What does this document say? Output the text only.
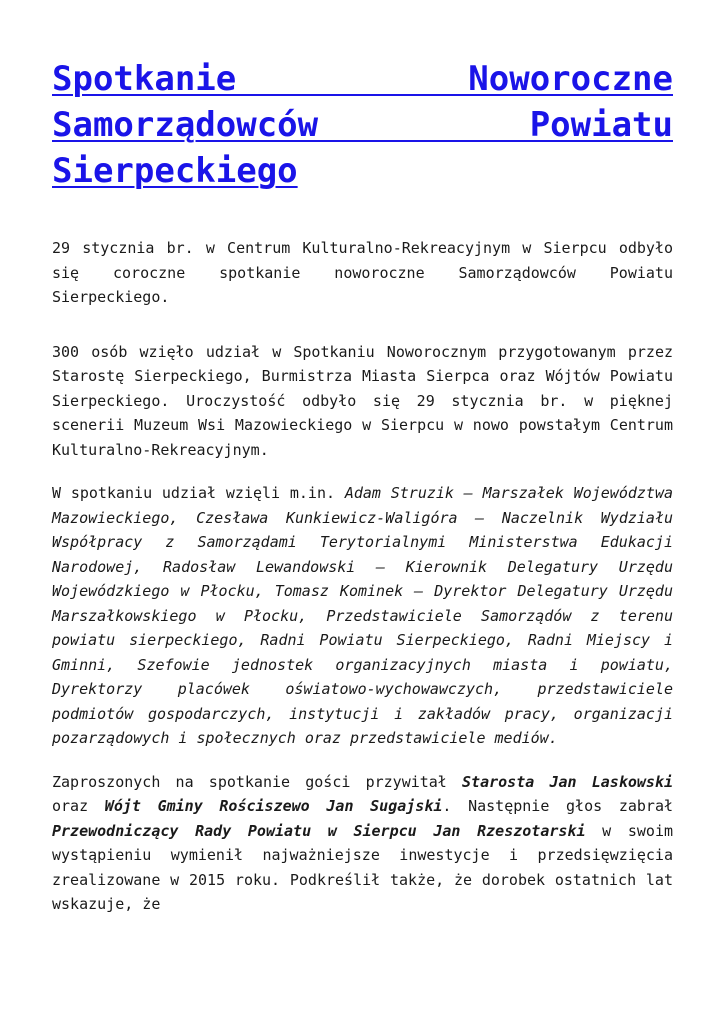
Spotkanie Noworoczne Samorządowców Powiatu Sierpeckiego

29 stycznia br. w Centrum Kulturalno-Rekreacyjnym w Sierpcu odbyło się coroczne spotkanie noworoczne Samorządowców Powiatu Sierpeckiego.

300 osób wzięło udział w Spotkaniu Noworocznym przygotowanym przez Starostę Sierpeckiego, Burmistrza Miasta Sierpca oraz Wójtów Powiatu Sierpeckiego. Uroczystość odbyło się 29 stycznia br. w pięknej scenerii Muzeum Wsi Mazowieckiego w Sierpcu w nowo powstałym Centrum Kulturalno-Rekreacyjnym.

W spotkaniu udział wzięli m.in. Adam Struzik – Marszałek Województwa Mazowieckiego, Czesława Kunkiewicz-Waligóra – Naczelnik Wydziału Współpracy z Samorządami Terytorialnymi Ministerstwa Edukacji Narodowej, Radosław Lewandowski – Kierownik Delegatury Urzędu Wojewódzkiego w Płocku, Tomasz Kominek – Dyrektor Delegatury Urzędu Marszałkowskiego w Płocku, Przedstawiciele Samorządów z terenu powiatu sierpeckiego, Radni Powiatu Sierpeckiego, Radni Miejscy i Gminni, Szefowie jednostek organizacyjnych miasta i powiatu, Dyrektorzy placówek oświatowo-wychowawczych, przedstawiciele podmiotów gospodarczych, instytucji i zakładów pracy, organizacji pozarządowych i społecznych oraz przedstawiciele mediów.

Zaproszonych na spotkanie gości przywitał Starosta Jan Laskowski oraz Wójt Gminy Rościszewo Jan Sugajski. Następnie głos zabrał Przewodniczący Rady Powiatu w Sierpcu Jan Rzeszotarski w swoim wystąpieniu wymienił najważniejsze inwestycje i przedsięwzięcia zrealizowane w 2015 roku. Podkreślił także, że dorobek ostatnich lat wskazuje, że
